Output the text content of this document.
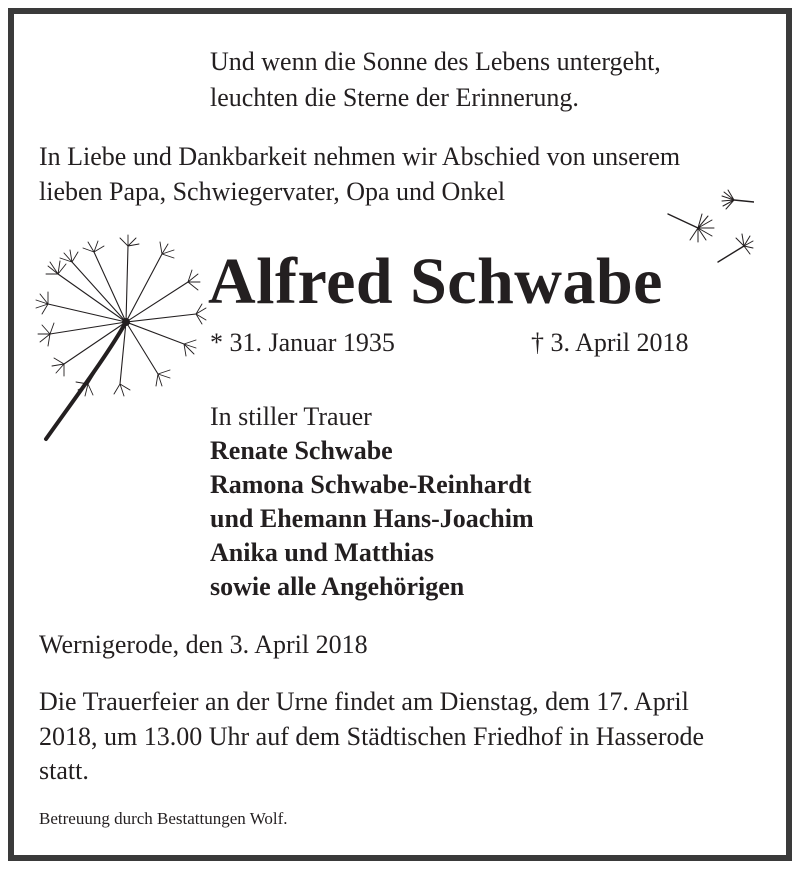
Und wenn die Sonne des Lebens untergeht,
leuchten die Sterne der Erinnerung.

In Liebe und Dankbarkeit nehmen wir Abschied von unserem
lieben Papa, Schwiegervater, Opa und Onkel

Alfred Schwabe
* 31. Januar 1935	† 3. April 2018
In stiller Trauer
Renate Schwabe
Ramona Schwabe-Reinhardt
und Ehemann Hans-Joachim
Anika und Matthias
sowie alle Angehörigen
Wernigerode, den 3. April 2018

Die Trauerfeier an der Urne findet am Dienstag, dem 17. April
2018, um 13.00 Uhr auf dem Städtischen Friedhof in Hasserode
statt.

Betreuung durch Bestattungen Wolf.
